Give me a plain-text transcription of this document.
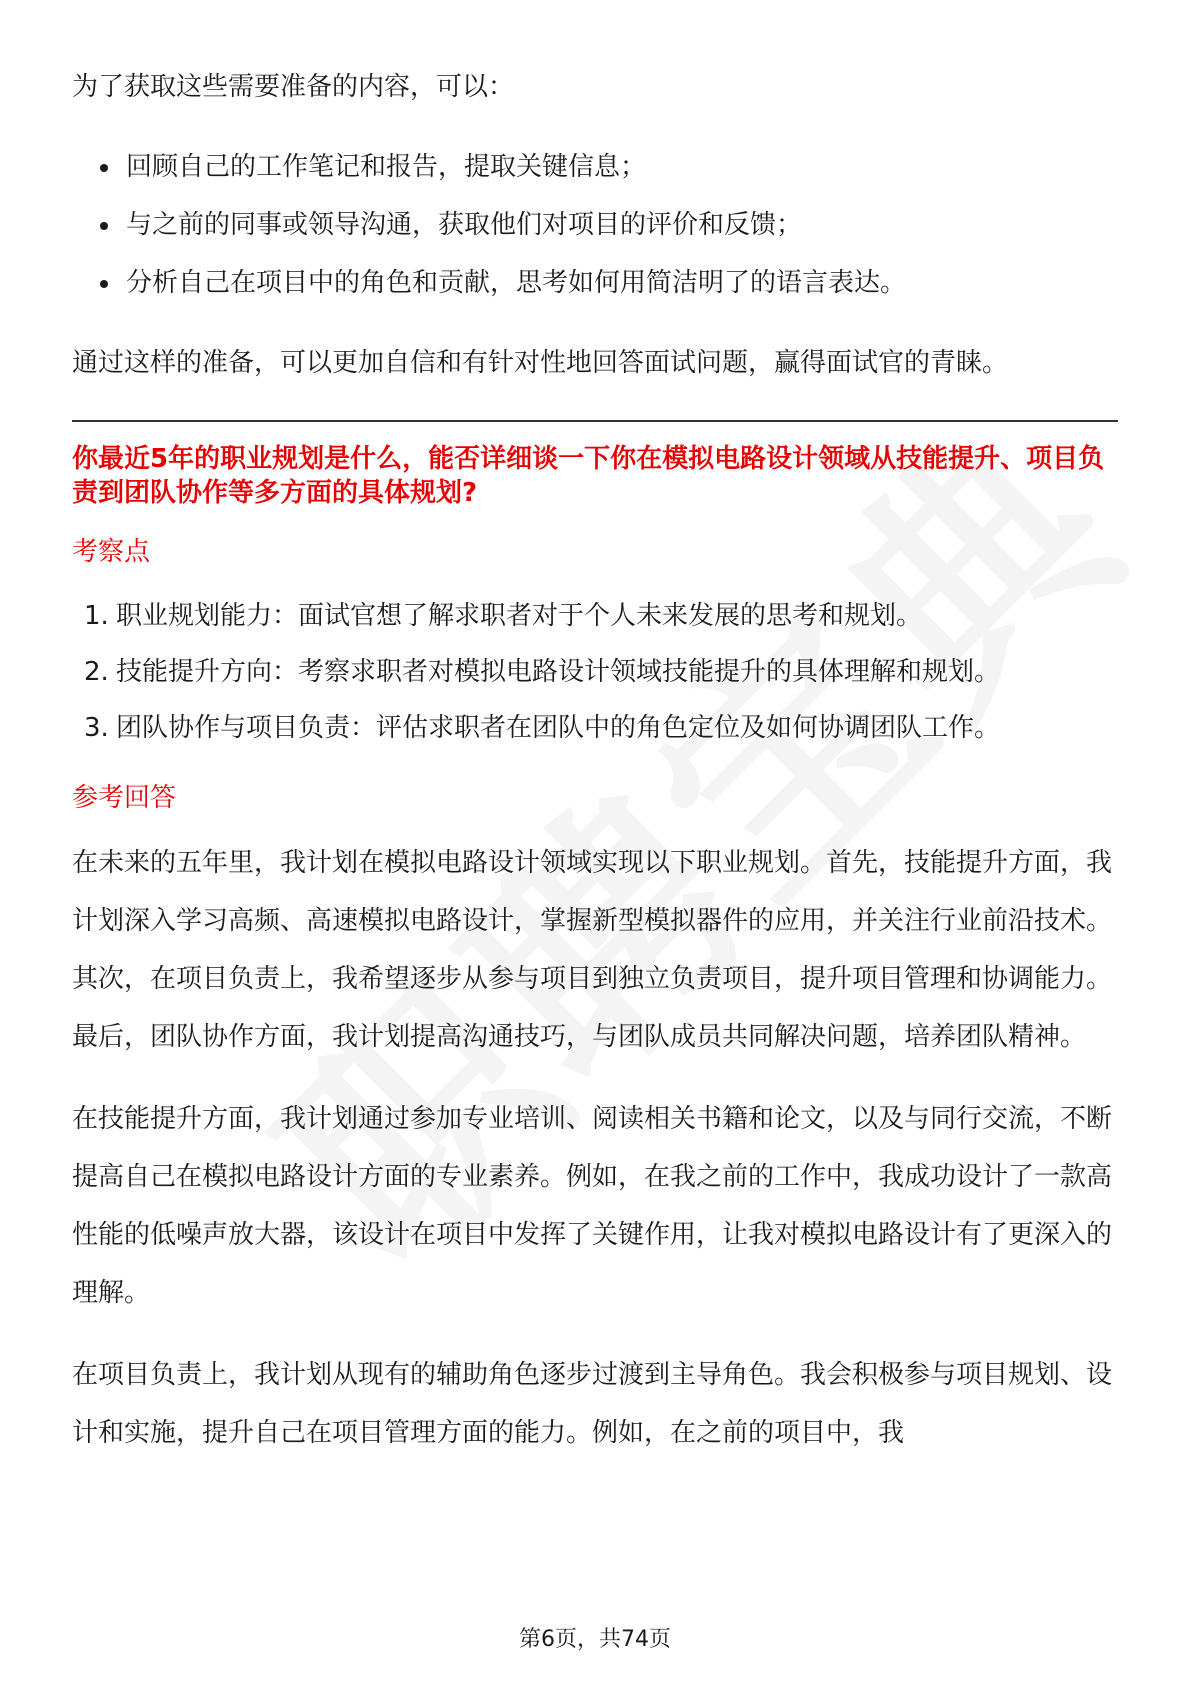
为了获取这些需要准备的内容，可以：

回顾自己的工作笔记和报告，提取关键信息；
与之前的同事或领导沟通，获取他们对项目的评价和反馈；
分析自己在项目中的角色和贡献，思考如何用简洁明了的语言表达。

通过这样的准备，可以更加自信和有针对性地回答面试问题，赢得面试官的青睐。

你最近5年的职业规划是什么，能否详细谈一下你在模拟电路设计领域从技能提升、项目负责到团队协作等多方面的具体规划?

考察点
1. 职业规划能力：面试官想了解求职者对于个人未来发展的思考和规划。
2. 技能提升方向：考察求职者对模拟电路设计领域技能提升的具体理解和规划。
3. 团队协作与项目负责：评估求职者在团队中的角色定位及如何协调团队工作。
参考回答

在未来的五年里，我计划在模拟电路设计领域实现以下职业规划。首先，技能提升方面，我计划深入学习高频、高速模拟电路设计，掌握新型模拟器件的应用，并关注行业前沿技术。其次，在项目负责上，我希望逐步从参与项目到独立负责项目，提升项目管理和协调能力。最后，团队协作方面，我计划提高沟通技巧，与团队成员共同解决问题，培养团队精神。

在技能提升方面，我计划通过参加专业培训、阅读相关书籍和论文，以及与同行交流，不断提高自己在模拟电路设计方面的专业素养。例如，在我之前的工作中，我成功设计了一款高性能的低噪声放大器，该设计在项目中发挥了关键作用，让我对模拟电路设计有了更深入的理解。

在项目负责上，我计划从现有的辅助角色逐步过渡到主导角色。我会积极参与项目规划、设计和实施，提升自己在项目管理方面的能力。例如，在之前的项目中，我

第6页，共74页
